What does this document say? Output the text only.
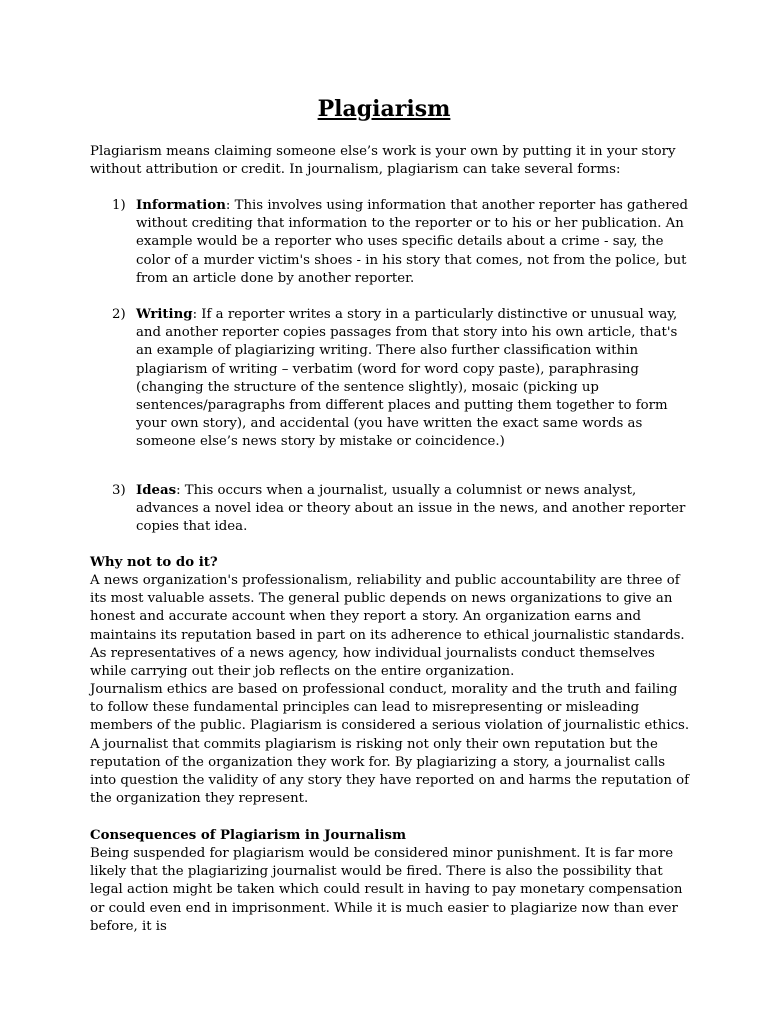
Plagiarism

Plagiarism means claiming someone else’s work is your own by putting it in your story without attribution or credit. In journalism, plagiarism can take several forms:

1) Information: This involves using information that another reporter has gathered without crediting that information to the reporter or to his or her publication. An example would be a reporter who uses specific details about a crime - say, the color of a murder victim's shoes - in his story that comes, not from the police, but from an article done by another reporter.
2) Writing: If a reporter writes a story in a particularly distinctive or unusual way, and another reporter copies passages from that story into his own article, that's an example of plagiarizing writing. There also further classification within plagiarism of writing – verbatim (word for word copy paste), paraphrasing (changing the structure of the sentence slightly), mosaic (picking up sentences/paragraphs from different places and putting them together to form your own story), and accidental (you have written the exact same words as someone else’s news story by mistake or coincidence.)
3) Ideas: This occurs when a journalist, usually a columnist or news analyst, advances a novel idea or theory about an issue in the news, and another reporter copies that idea.
Why not to do it?

A news organization's professionalism, reliability and public accountability are three of its most valuable assets. The general public depends on news organizations to give an honest and accurate account when they report a story. An organization earns and maintains its reputation based in part on its adherence to ethical journalistic standards. As representatives of a news agency, how individual journalists conduct themselves while carrying out their job reflects on the entire organization.

Journalism ethics are based on professional conduct, morality and the truth and failing to follow these fundamental principles can lead to misrepresenting or misleading members of the public. Plagiarism is considered a serious violation of journalistic ethics. A journalist that commits plagiarism is risking not only their own reputation but the reputation of the organization they work for. By plagiarizing a story, a journalist calls into question the validity of any story they have reported on and harms the reputation of the organization they represent.

Consequences of Plagiarism in Journalism

Being suspended for plagiarism would be considered minor punishment. It is far more likely that the plagiarizing journalist would be fired. There is also the possibility that legal action might be taken which could result in having to pay monetary compensation or could even end in imprisonment. While it is much easier to plagiarize now than ever before, it is
